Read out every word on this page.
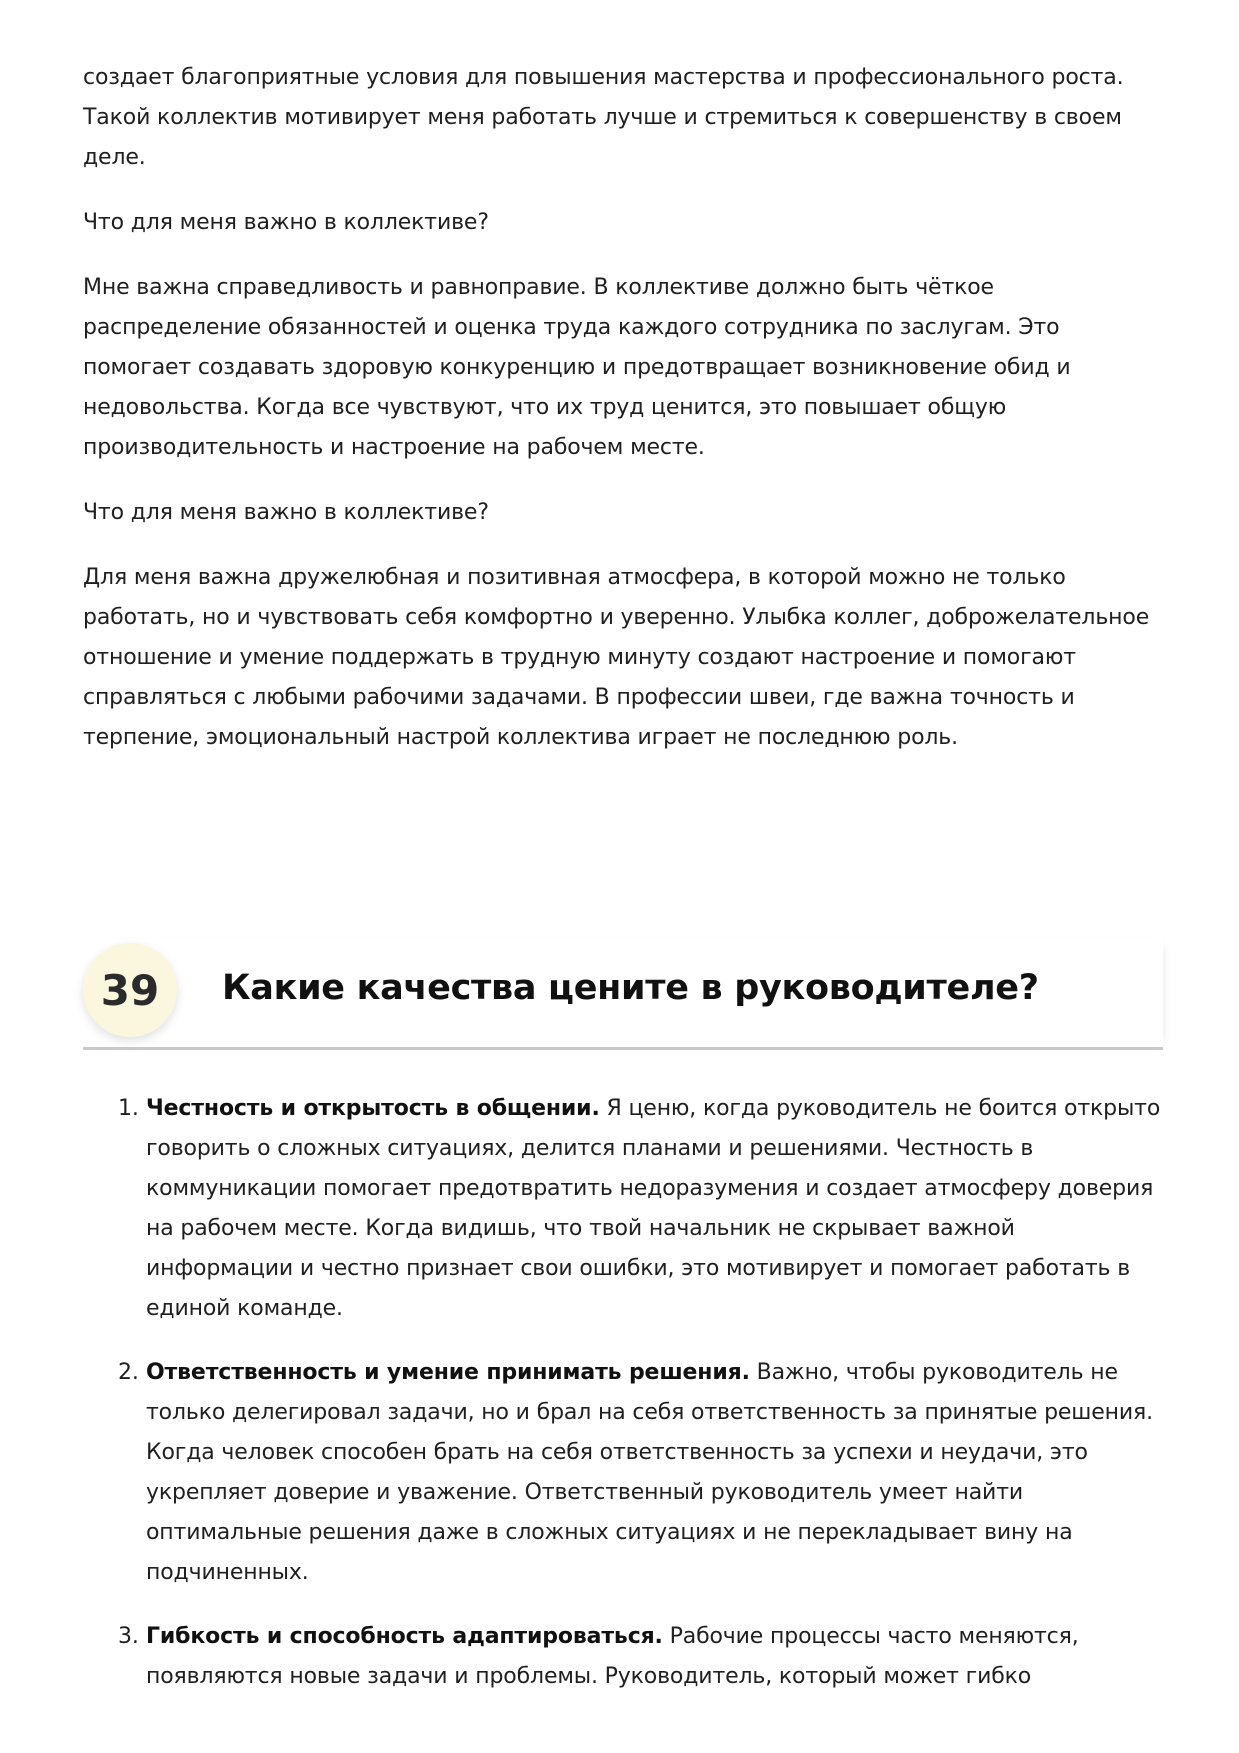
создает благоприятные условия для повышения мастерства и профессионального роста. Такой коллектив мотивирует меня работать лучше и стремиться к совершенству в своем деле.

Что для меня важно в коллективе?

Мне важна справедливость и равноправие. В коллективе должно быть чёткое распределение обязанностей и оценка труда каждого сотрудника по заслугам. Это помогает создавать здоровую конкуренцию и предотвращает возникновение обид и недовольства. Когда все чувствуют, что их труд ценится, это повышает общую производительность и настроение на рабочем месте.

Что для меня важно в коллективе?

Для меня важна дружелюбная и позитивная атмосфера, в которой можно не только работать, но и чувствовать себя комфортно и уверенно. Улыбка коллег, доброжелательное отношение и умение поддержать в трудную минуту создают настроение и помогают справляться с любыми рабочими задачами. В профессии швеи, где важна точность и терпение, эмоциональный настрой коллектива играет не последнюю роль.

39	Какие качества цените в руководителе?
1. Честность и открытость в общении. Я ценю, когда руководитель не боится открыто говорить о сложных ситуациях, делится планами и решениями. Честность в коммуникации помогает предотвратить недоразумения и создает атмосферу доверия на рабочем месте. Когда видишь, что твой начальник не скрывает важной информации и честно признает свои ошибки, это мотивирует и помогает работать в единой команде.
2. Ответственность и умение принимать решения. Важно, чтобы руководитель не только делегировал задачи, но и брал на себя ответственность за принятые решения. Когда человек способен брать на себя ответственность за успехи и неудачи, это укрепляет доверие и уважение. Ответственный руководитель умеет найти оптимальные решения даже в сложных ситуациях и не перекладывает вину на подчиненных.
3. Гибкость и способность адаптироваться. Рабочие процессы часто меняются, появляются новые задачи и проблемы. Руководитель, который может гибко
